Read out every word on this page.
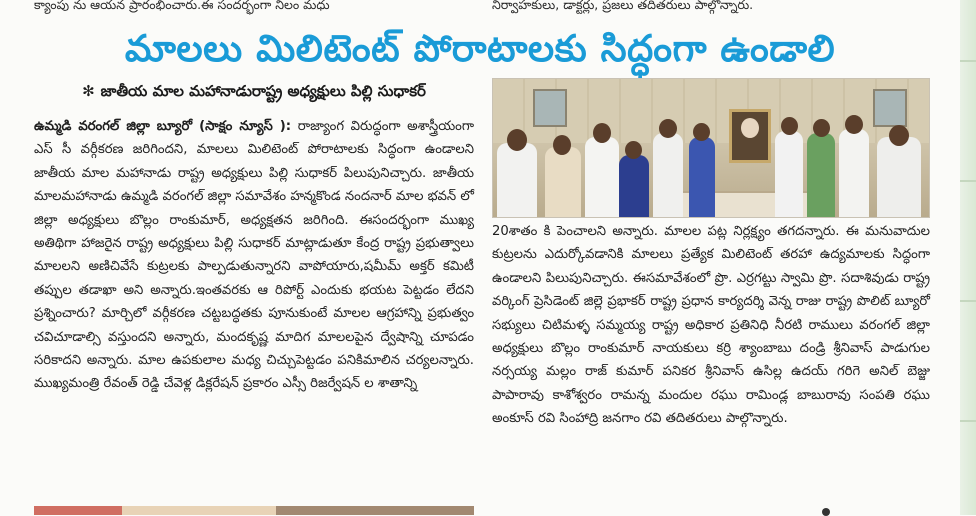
క్యాంపు ను ఆయన ప్రారంభించారు.ఈ సందర్భంగా నిలం మధు	నిర్వాహకులు, డాక్టర్లు, ప్రజలు తదితరులు పాల్గొన్నారు.
మాలలు మిలిటెంట్ పోరాటాలకు సిద్ధంగా ఉండాలి
✻ జాతీయ మాల మహానాడురాష్ట్ర అధ్యక్షులు పిల్లి సుధాకర్
ఉమ్మడి వరంగల్ జిల్లా బ్యూరో (సాక్షం న్యూస్ ): రాజ్యాంగ విరుద్ధంగా అశాస్త్రీయంగా ఎస్ సీ వర్గీకరణ జరిగిందని, మాలలు మిలిటెంట్ పోరాటాలకు సిద్ధంగా ఉండాలని జాతీయ మాల మహానాడు రాష్ట్ర అధ్యక్షులు పిల్లి సుధాకర్ పిలుపునిచ్చారు. జాతీయ మాలమహానాడు ఉమ్మడి వరంగల్ జిల్లా సమావేశం హన్మకొండ నందనార్ మాల భవన్ లో జిల్లా అధ్యక్షులు బొల్లం రాంకుమార్, అధ్యక్షతన జరిగింది. ఈసందర్భంగా ముఖ్య అతిథిగా హాజరైన రాష్ట్ర అధ్యక్షులు పిల్లి సుధాకర్ మాట్లాడుతూ కేంద్ర రాష్ట్ర ప్రభుత్వాలు మాలలని అణిచివేసే కుట్రలకు పాల్పడుతున్నారని వాపోయారు,షమీమ్ అక్తర్ కమిటీ తప్పుల తడాఖా అని అన్నారు.ఇంతవరకు ఆ రిపోర్ట్ ఎందుకు భయట పెట్టడం లేదని ప్రశ్నించారు? మార్చిలో వర్గీకరణ చట్టబద్ధతకు పూనుకుంటే మాలల ఆగ్రహాన్ని ప్రభుత్వం చవిచూడాల్సి వస్తుందని అన్నారు, మందకృష్ణ మాదిగ మాలలపైన ద్వేషాన్ని చూపడం సరికాదని అన్నారు. మాల ఉపకులాల మధ్య చిచ్చుపెట్టడం పనికిమాలిన చర్యలన్నారు. ముఖ్యమంత్రి రేవంత్ రెడ్డి చేవెళ్ల డిక్లరేషన్ ప్రకారం ఎస్సీ రిజర్వేషన్ ల శాతాన్ని
20శాతం కి పెంచాలని అన్నారు. మాలల పట్ల నిర్లక్ష్యం తగదన్నారు. ఈ మనువాదుల కుట్రలను ఎదుర్కోవడానికి మాలలు ప్రత్యేక మిలిటెంట్ తరహా ఉద్యమాలకు సిద్ధంగా ఉండాలని పిలుపునిచ్చారు. ఈసమావేశంలో ప్రొ. ఎర్రగట్టు స్వామి ప్రొ. సదాశివుడు రాష్ట్ర వర్కింగ్ ప్రెసిడెంట్ జిల్లె ప్రభాకర్ రాష్ట్ర ప్రధాన కార్యదర్శి వెన్న రాజు రాష్ట్ర పొలిట్ బ్యూరో సభ్యులు చిటిమళ్ళ సమ్మయ్య రాష్ట్ర అధికార ప్రతినిధి నీరటి రాములు వరంగల్ జిల్లా అధ్యక్షులు బొల్లం రాంకుమార్ నాయకులు కర్రి శ్యాంబాబు దండ్రి శ్రీనివాస్ పాడుగుల నర్సయ్య మల్లం రాజ్ కుమార్ పనికర శ్రీనివాస్ ఉసిల్ల ఉదయ్ గరిగె అనిల్ బెజ్జు పాపారావు కాశోశ్వరం రామన్న మందుల రఘు రామిండ్ల బాబురావు సంపతి రఘు అంకూస్ రవి సింహాద్రి జనగాం రవి తదితరులు పాల్గొన్నారు.
